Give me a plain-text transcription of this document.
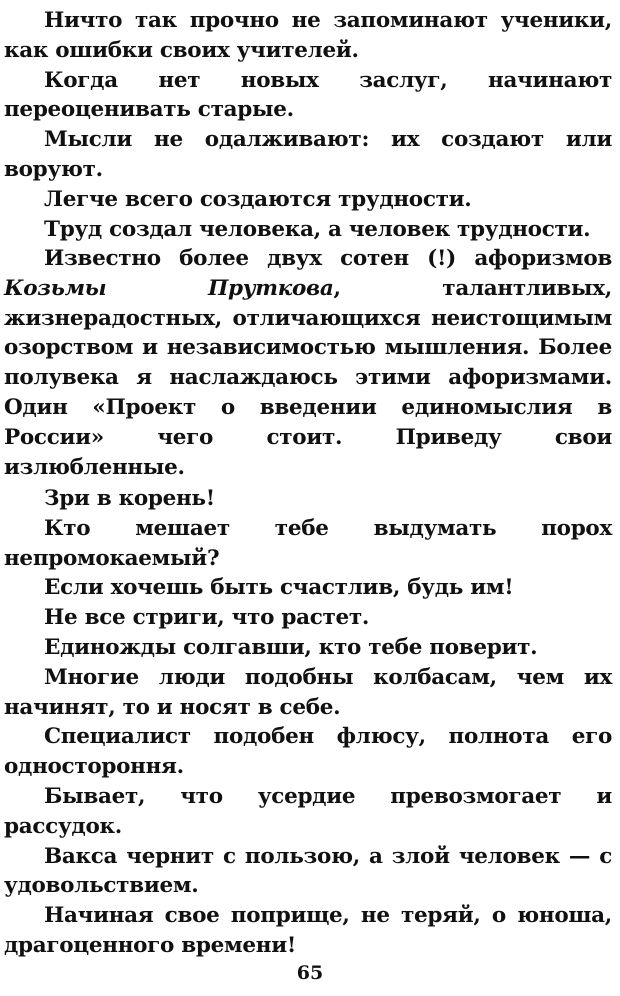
Ничто так прочно не запоминают ученики, как ошибки своих учителей.

Когда нет новых заслуг, начинают переоценивать старые.

Мысли не одалживают: их создают или воруют.

Легче всего создаются трудности.

Труд создал человека, а человек трудности.

Известно более двух сотен (!) афоризмов Козьмы Пруткова, талантливых, жизнерадостных, отличающихся неистощимым озорством и независимостью мышления. Более полувека я наслаждаюсь этими афоризмами. Один «Проект о введении единомыслия в России» чего стоит. Приведу свои излюбленные.

Зри в корень!

Кто мешает тебе выдумать порох непромокаемый?

Если хочешь быть счастлив, будь им!

Не все стриги, что растет.

Единожды солгавши, кто тебе поверит.

Многие люди подобны колбасам, чем их начинят, то и носят в себе.

Специалист подобен флюсу, полнота его одностороння.

Бывает, что усердие превозмогает и рассудок.

Вакса чернит с пользою, а злой человек — с удовольствием.

Начиная свое поприще, не теряй, о юноша, драгоценного времени!

65
